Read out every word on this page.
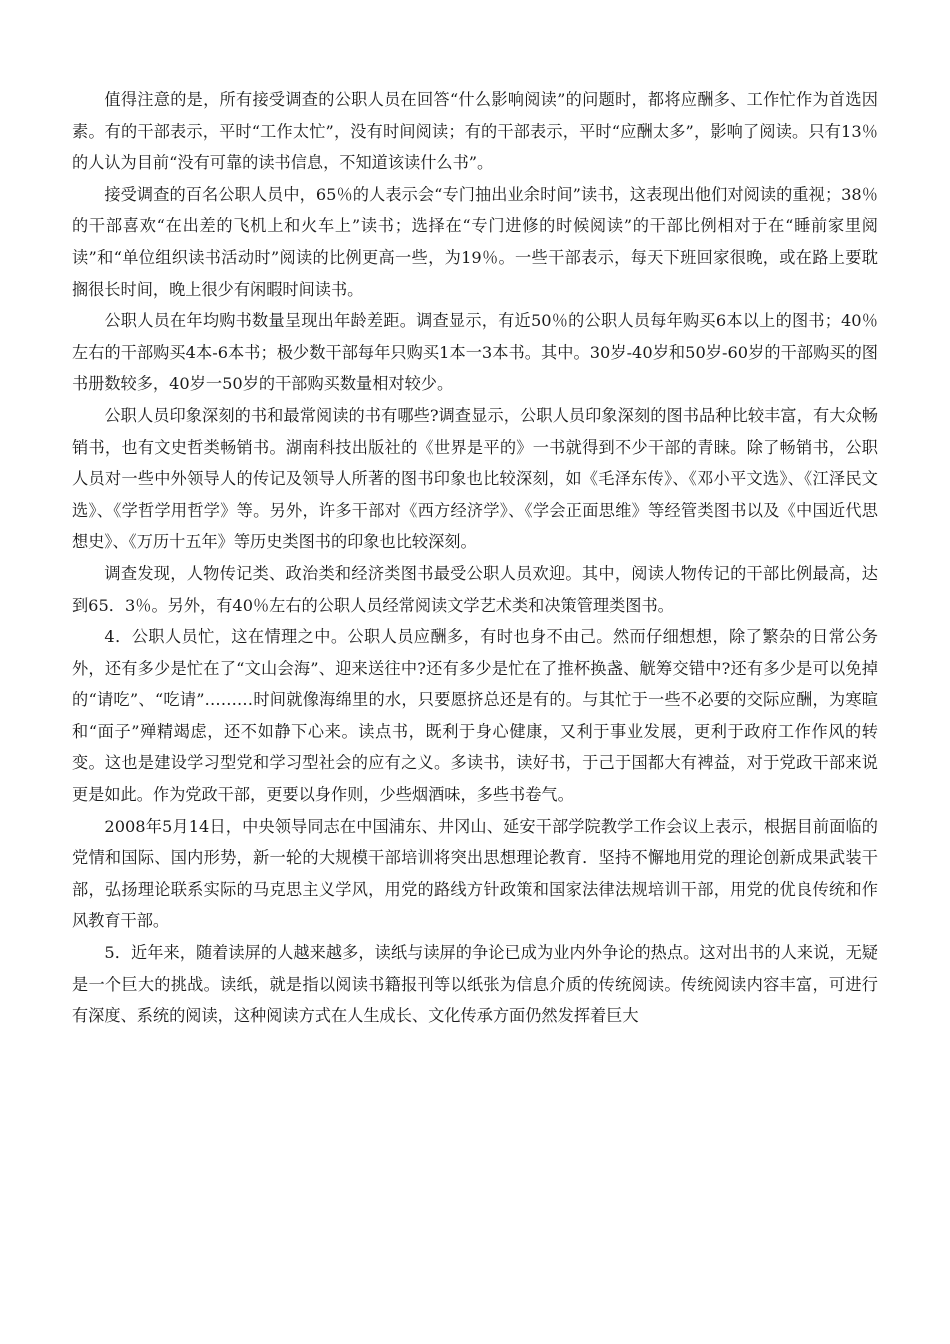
值得注意的是，所有接受调查的公职人员在回答“什么影响阅读”的问题时，都将应酬多、工作忙作为首选因素。有的干部表示，平时“工作太忙”，没有时间阅读；有的干部表示，平时“应酬太多”，影响了阅读。只有13％的人认为目前“没有可靠的读书信息，不知道该读什么书”。

接受调查的百名公职人员中，65％的人表示会“专门抽出业余时间”读书，这表现出他们对阅读的重视；38％的干部喜欢“在出差的飞机上和火车上”读书；选择在“专门进修的时候阅读”的干部比例相对于在“睡前家里阅读”和“单位组织读书活动时”阅读的比例更高一些，为19％。一些干部表示，每天下班回家很晚，或在路上要耽搁很长时间，晚上很少有闲暇时间读书。

公职人员在年均购书数量呈现出年龄差距。调查显示，有近50％的公职人员每年购买6本以上的图书；40％左右的干部购买4本-6本书；极少数干部每年只购买1本一3本书。其中。30岁-40岁和50岁-60岁的干部购买的图书册数较多，40岁一50岁的干部购买数量相对较少。

公职人员印象深刻的书和最常阅读的书有哪些?调查显示，公职人员印象深刻的图书品种比较丰富，有大众畅销书，也有文史哲类畅销书。湖南科技出版社的《世界是平的》一书就得到不少干部的青睐。除了畅销书，公职人员对一些中外领导人的传记及领导人所著的图书印象也比较深刻，如《毛泽东传》、《邓小平文选》、《江泽民文选》、《学哲学用哲学》等。另外，许多干部对《西方经济学》、《学会正面思维》等经管类图书以及《中国近代思想史》、《万历十五年》等历史类图书的印象也比较深刻。

调查发现，人物传记类、政治类和经济类图书最受公职人员欢迎。其中，阅读人物传记的干部比例最高，达到65．3％。另外，有40％左右的公职人员经常阅读文学艺术类和决策管理类图书。

4．公职人员忙，这在情理之中。公职人员应酬多，有时也身不由己。然而仔细想想，除了繁杂的日常公务外，还有多少是忙在了“文山会海”、迎来送往中?还有多少是忙在了推杯换盏、觥筹交错中?还有多少是可以免掉的“请吃”、“吃请”………时间就像海绵里的水，只要愿挤总还是有的。与其忙于一些不必要的交际应酬，为寒暄和“面子”殚精竭虑，还不如静下心来。读点书，既利于身心健康，又利于事业发展，更利于政府工作作风的转变。这也是建设学习型党和学习型社会的应有之义。多读书，读好书，于己于国都大有裨益，对于党政干部来说更是如此。作为党政干部，更要以身作则，少些烟酒味，多些书卷气。

2008年5月14日，中央领导同志在中国浦东、井冈山、延安干部学院教学工作会议上表示，根据目前面临的党情和国际、国内形势，新一轮的大规模干部培训将突出思想理论教育．坚持不懈地用党的理论创新成果武装干部，弘扬理论联系实际的马克思主义学风，用党的路线方针政策和国家法律法规培训干部，用党的优良传统和作风教育干部。

5．近年来，随着读屏的人越来越多，读纸与读屏的争论已成为业内外争论的热点。这对出书的人来说，无疑是一个巨大的挑战。读纸，就是指以阅读书籍报刊等以纸张为信息介质的传统阅读。传统阅读内容丰富，可进行有深度、系统的阅读，这种阅读方式在人生成长、文化传承方面仍然发挥着巨大
